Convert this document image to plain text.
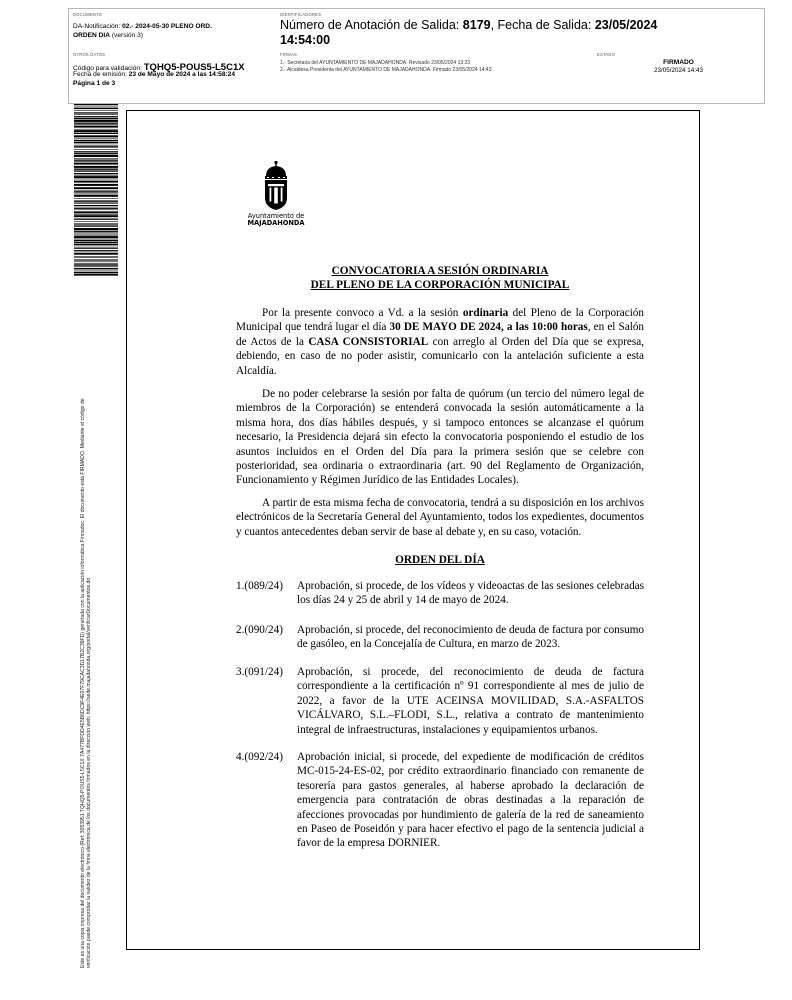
DOCUMENTO
DA-Notificación: 02.- 2024-05-30 PLENO ORD.
ORDEN DIA (versión 3)
IDENTIFICADORES
Número de Anotación de Salida: 8179, Fecha de Salida: 23/05/2024
14:54:00
OTROS DATOS
Código para validación: TQHQ5-POUS5-L5C1X
Fecha de emisión: 23 de Mayo de 2024 a las 14:58:24
Página 1 de 3
FIRMAS
1.- Secretaria del AYUNTAMIENTO DE MAJADAHONDA. Revisado 23/05/2024 13:23
2.- Alcaldesa Presidenta del AYUNTAMIENTO DE MAJADAHONDA. Firmado 23/05/2024 14:43
ESTADO
FIRMADO
23/05/2024 14:43
Este es una copia impresa del documento electrónico (Ref: 3053951 TQHQ5-POUS5-L5C1X 7A477BFDD4E5B6DC9F4E07F79CAC3D17B2C39FD) generada con la aplicación informática Firmadoc. El documento está FIRMADO. Mediante el código de verificación puede comprobar la validez de la firma electrónica de los documentos firmados en la dirección web: https://sede.majadahonda.org/portal/verificarDocumentos.do
Ayuntamiento de
MAJADAHONDA
CONVOCATORIA A SESIÓN ORDINARIA
DEL PLENO DE LA CORPORACIÓN MUNICIPAL
Por la presente convoco a Vd. a la sesión ordinaria del Pleno de la Corporación Municipal que tendrá lugar el día 30 DE MAYO DE 2024, a las 10:00 horas, en el Salón de Actos de la CASA CONSISTORIAL con arreglo al Orden del Día que se expresa, debiendo, en caso de no poder asistir, comunicarlo con la antelación suficiente a esta Alcaldía.
De no poder celebrarse la sesión por falta de quórum (un tercio del número legal de miembros de la Corporación) se entenderá convocada la sesión automáticamente a la misma hora, dos días hábiles después, y si tampoco entonces se alcanzase el quórum necesario, la Presidencia dejará sin efecto la convocatoria posponiendo el estudio de los asuntos incluidos en el Orden del Día para la primera sesión que se celebre con posterioridad, sea ordinaria o extraordinaria (art. 90 del Reglamento de Organización, Funcionamiento y Régimen Jurídico de las Entidades Locales).
A partir de esta misma fecha de convocatoria, tendrá a su disposición en los archivos electrónicos de la Secretaría General del Ayuntamiento, todos los expedientes, documentos y cuantos antecedentes deban servir de base al debate y, en su caso, votación.
ORDEN DEL DÍA
1.(089/24)	Aprobación, si procede, de los vídeos y videoactas de las sesiones celebradas los días 24 y 25 de abril y 14 de mayo de 2024.
2.(090/24)	Aprobación, si procede, del reconocimiento de deuda de factura por consumo de gasóleo, en la Concejalía de Cultura, en marzo de 2023.
3.(091/24)	Aprobación, si procede, del reconocimiento de deuda de factura correspondiente a la certificación nº 91 correspondiente al mes de julio de 2022, a favor de la UTE ACEINSA MOVILIDAD, S.A.-ASFALTOS VICÁLVARO, S.L.–FLODI, S.L., relativa a contrato de mantenimiento integral de infraestructuras, instalaciones y equipamientos urbanos.
4.(092/24)	Aprobación inicial, si procede, del expediente de modificación de créditos MC-015-24-ES-02, por crédito extraordinario financiado con remanente de tesorería para gastos generales, al haberse aprobado la declaración de emergencia para contratación de obras destinadas a la reparación de afecciones provocadas por hundimiento de galería de la red de saneamiento en Paseo de Poseidón y para hacer efectivo el pago de la sentencia judicial a favor de la empresa DORNIER.
